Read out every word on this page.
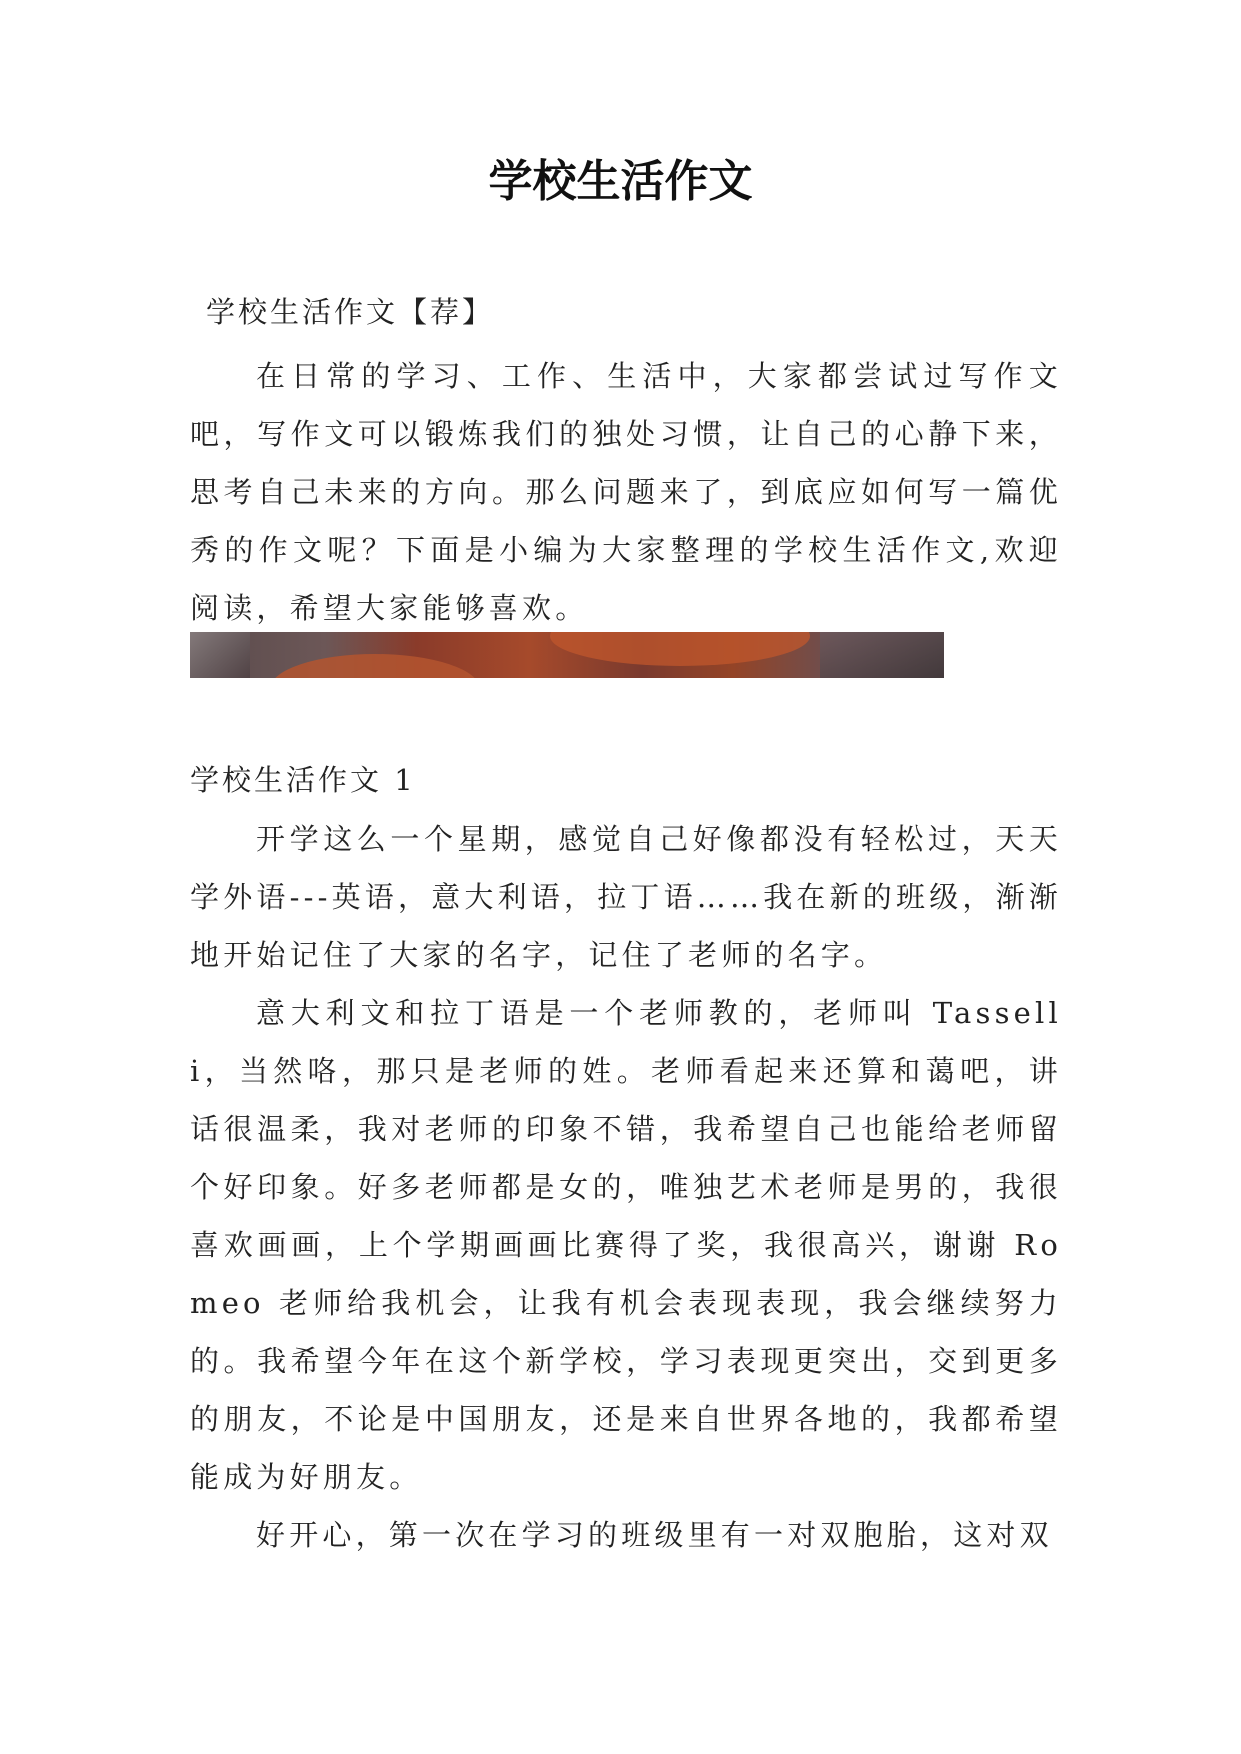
学校生活作文

学校生活作文【荐】

在日常的学习、工作、生活中，大家都尝试过写作文吧，写作文可以锻炼我们的独处习惯，让自己的心静下来，思考自己未来的方向。那么问题来了，到底应如何写一篇优秀的作文呢？下面是小编为大家整理的学校生活作文,欢迎阅读，希望大家能够喜欢。

学校生活作文 1

开学这么一个星期，感觉自己好像都没有轻松过，天天学外语---英语，意大利语，拉丁语……我在新的班级，渐渐地开始记住了大家的名字，记住了老师的名字。

意大利文和拉丁语是一个老师教的，老师叫 Tasselli，当然咯，那只是老师的姓。老师看起来还算和蔼吧，讲话很温柔，我对老师的印象不错，我希望自己也能给老师留个好印象。好多老师都是女的，唯独艺术老师是男的，我很喜欢画画，上个学期画画比赛得了奖，我很高兴，谢谢 Romeo 老师给我机会，让我有机会表现表现，我会继续努力的。我希望今年在这个新学校，学习表现更突出，交到更多的朋友，不论是中国朋友，还是来自世界各地的，我都希望能成为好朋友。

好开心，第一次在学习的班级里有一对双胞胎，这对双
